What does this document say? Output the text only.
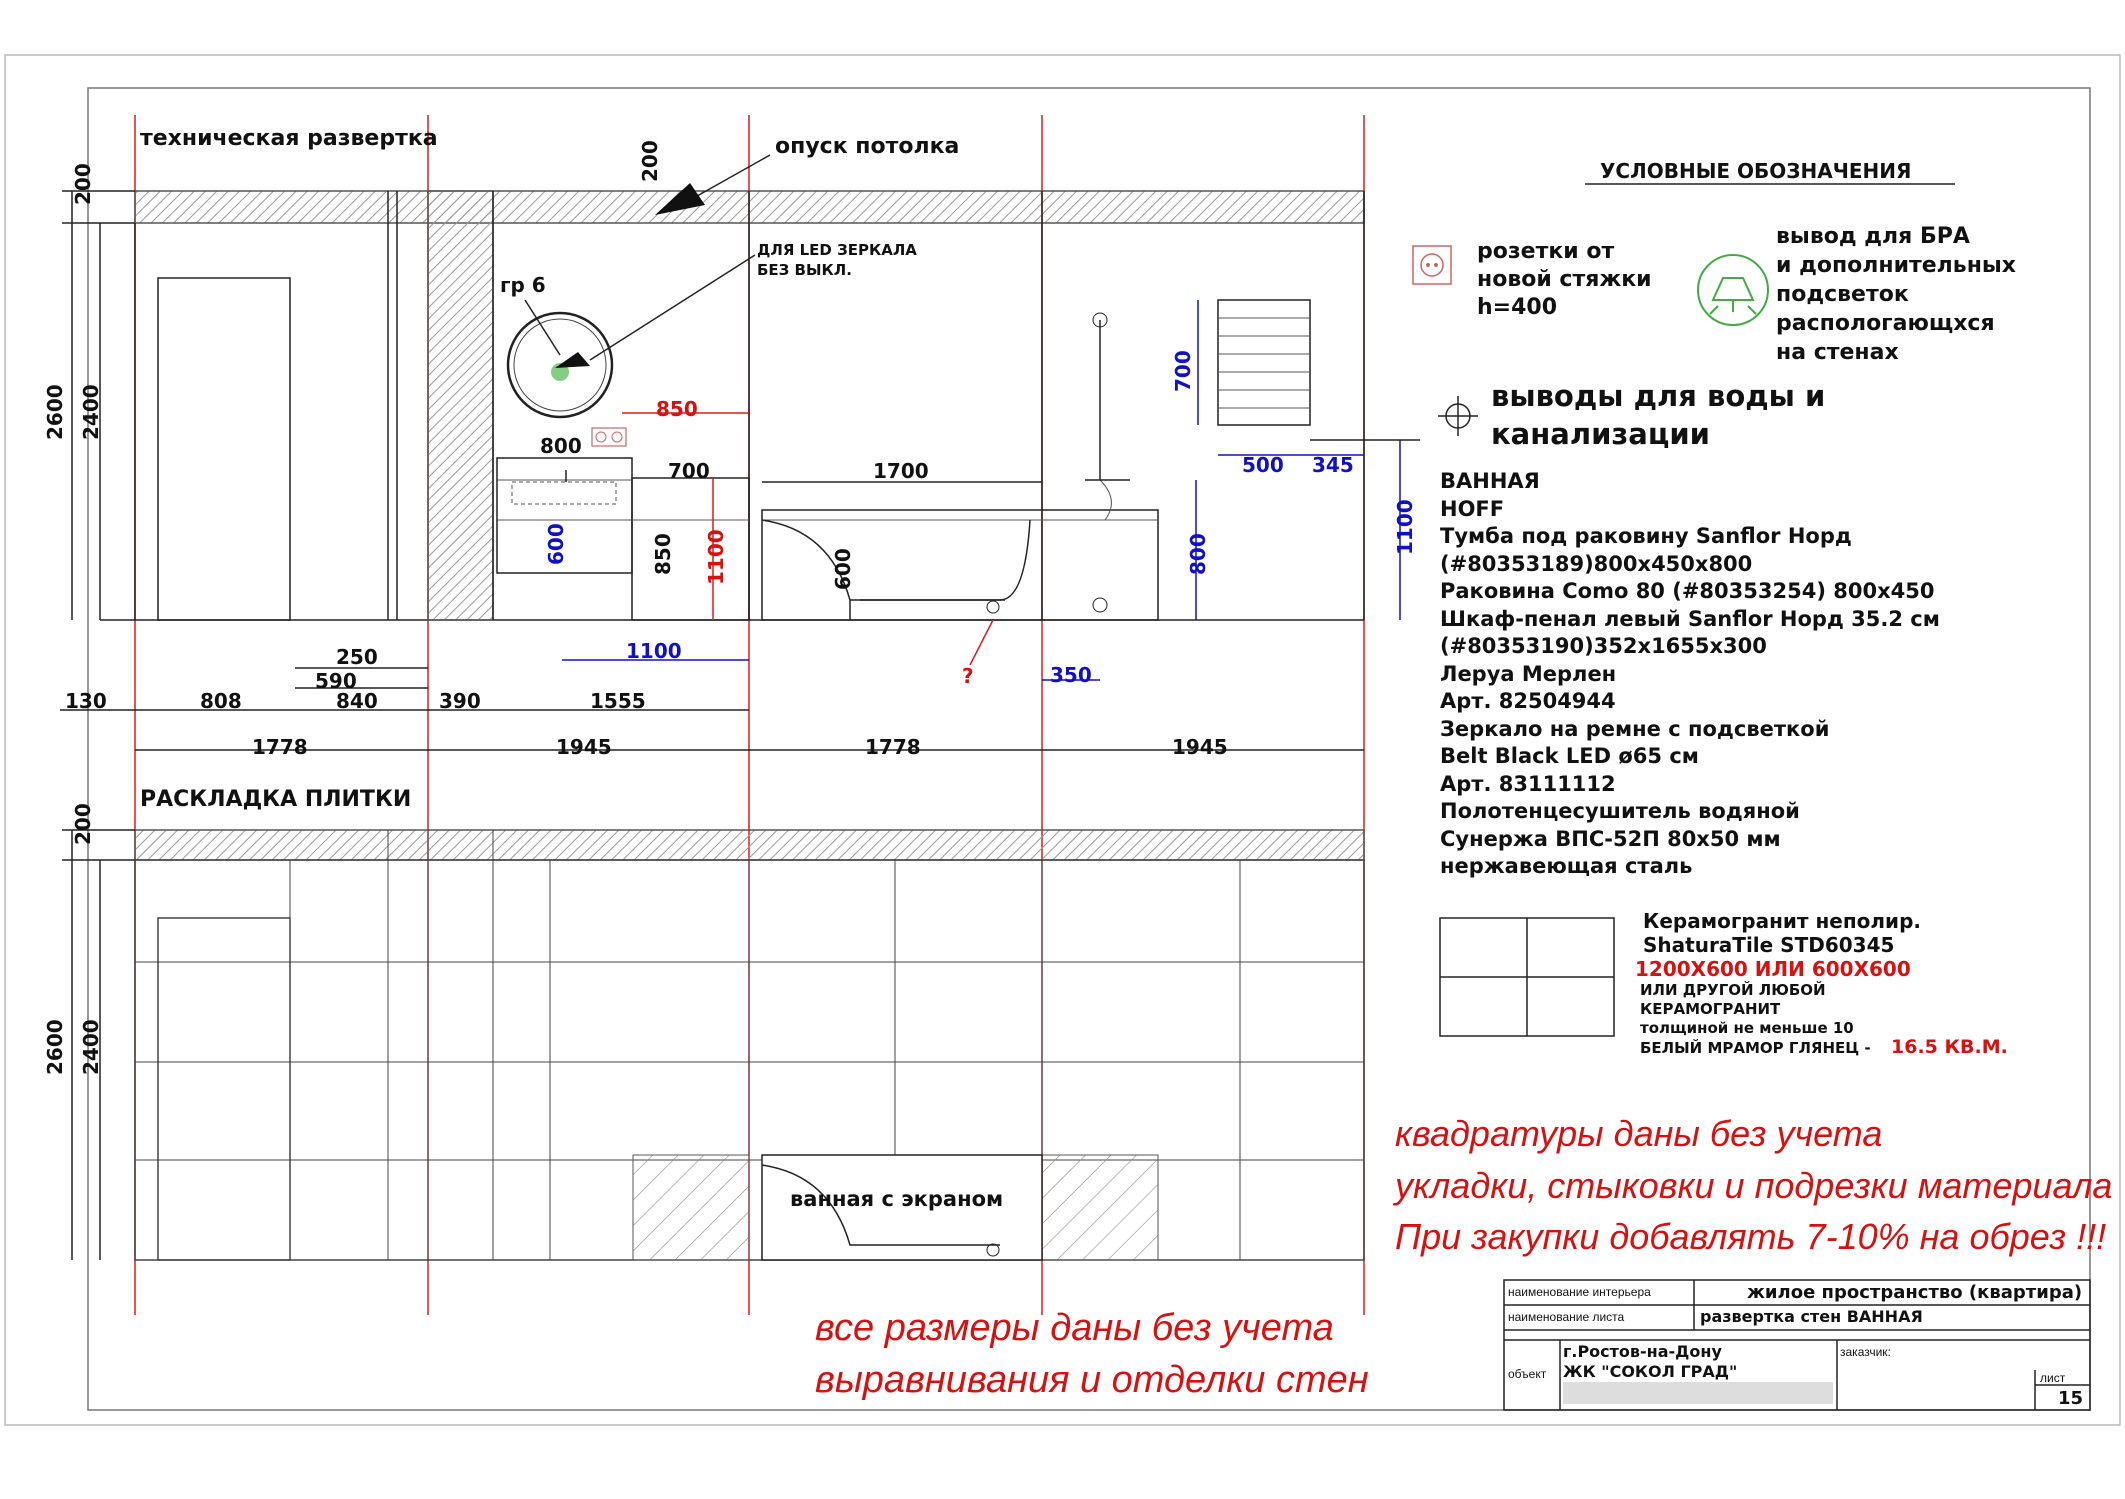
техническая развертка
200	опуск потолка
200
2600 2400
гр 6
ДЛЯ LED ЗЕРКАЛА
БЕЗ ВЫКЛ.
800
600
850
700
850 1100
1700
600	800
700
500 345
1100
1100
350
?
130	808
250
590
840	390	1555
1778	1945	1778	1945
РАСКЛАДКА ПЛИТКИ
200
2600 2400
ванная с экраном
УСЛОВНЫЕ ОБОЗНАЧЕНИЯ
розетки от
новой стяжки
h=400
вывод для БРА
и дополнительных
подсветок
распологающхся
на стенах
выводы для воды и
канализации
ВАННАЯ
HOFF
Тумба под раковину Sanflor Норд
(#80353189)800x450x800
Раковина Como 80 (#80353254) 800x450
Шкаф-пенал левый Sanflor Норд 35.2 см
(#80353190)352x1655x300
Леруа Мерлен
Арт. 82504944
Зеркало на ремне с подсветкой
Belt Black LED ø65 см
Арт. 83111112
Полотенцесушитель водяной
Сунержа ВПС-52П 80x50 мм
нержавеющая сталь
Керамогранит неполир.
ShaturaTile STD60345
1200X600 ИЛИ 600X600
ИЛИ ДРУГОЙ ЛЮБОЙ
КЕРАМОГРАНИТ
толщиной не меньше 10
БЕЛЫЙ МРАМОР ГЛЯНЕЦ - 16.5 КВ.М.
квадратуры даны без учета
укладки, стыковки и подрезки материала
При закупки добавлять 7-10% на обрез !!!
все размеры даны без учета
выравнивания и отделки стен
наименование интерьера	жилое пространство (квартира)
наименование листа	развертка стен ВАННАЯ
объект
г.Ростов-на-Дону
ЖК "СОКОЛ ГРАД"
заказчик:
лист
15
